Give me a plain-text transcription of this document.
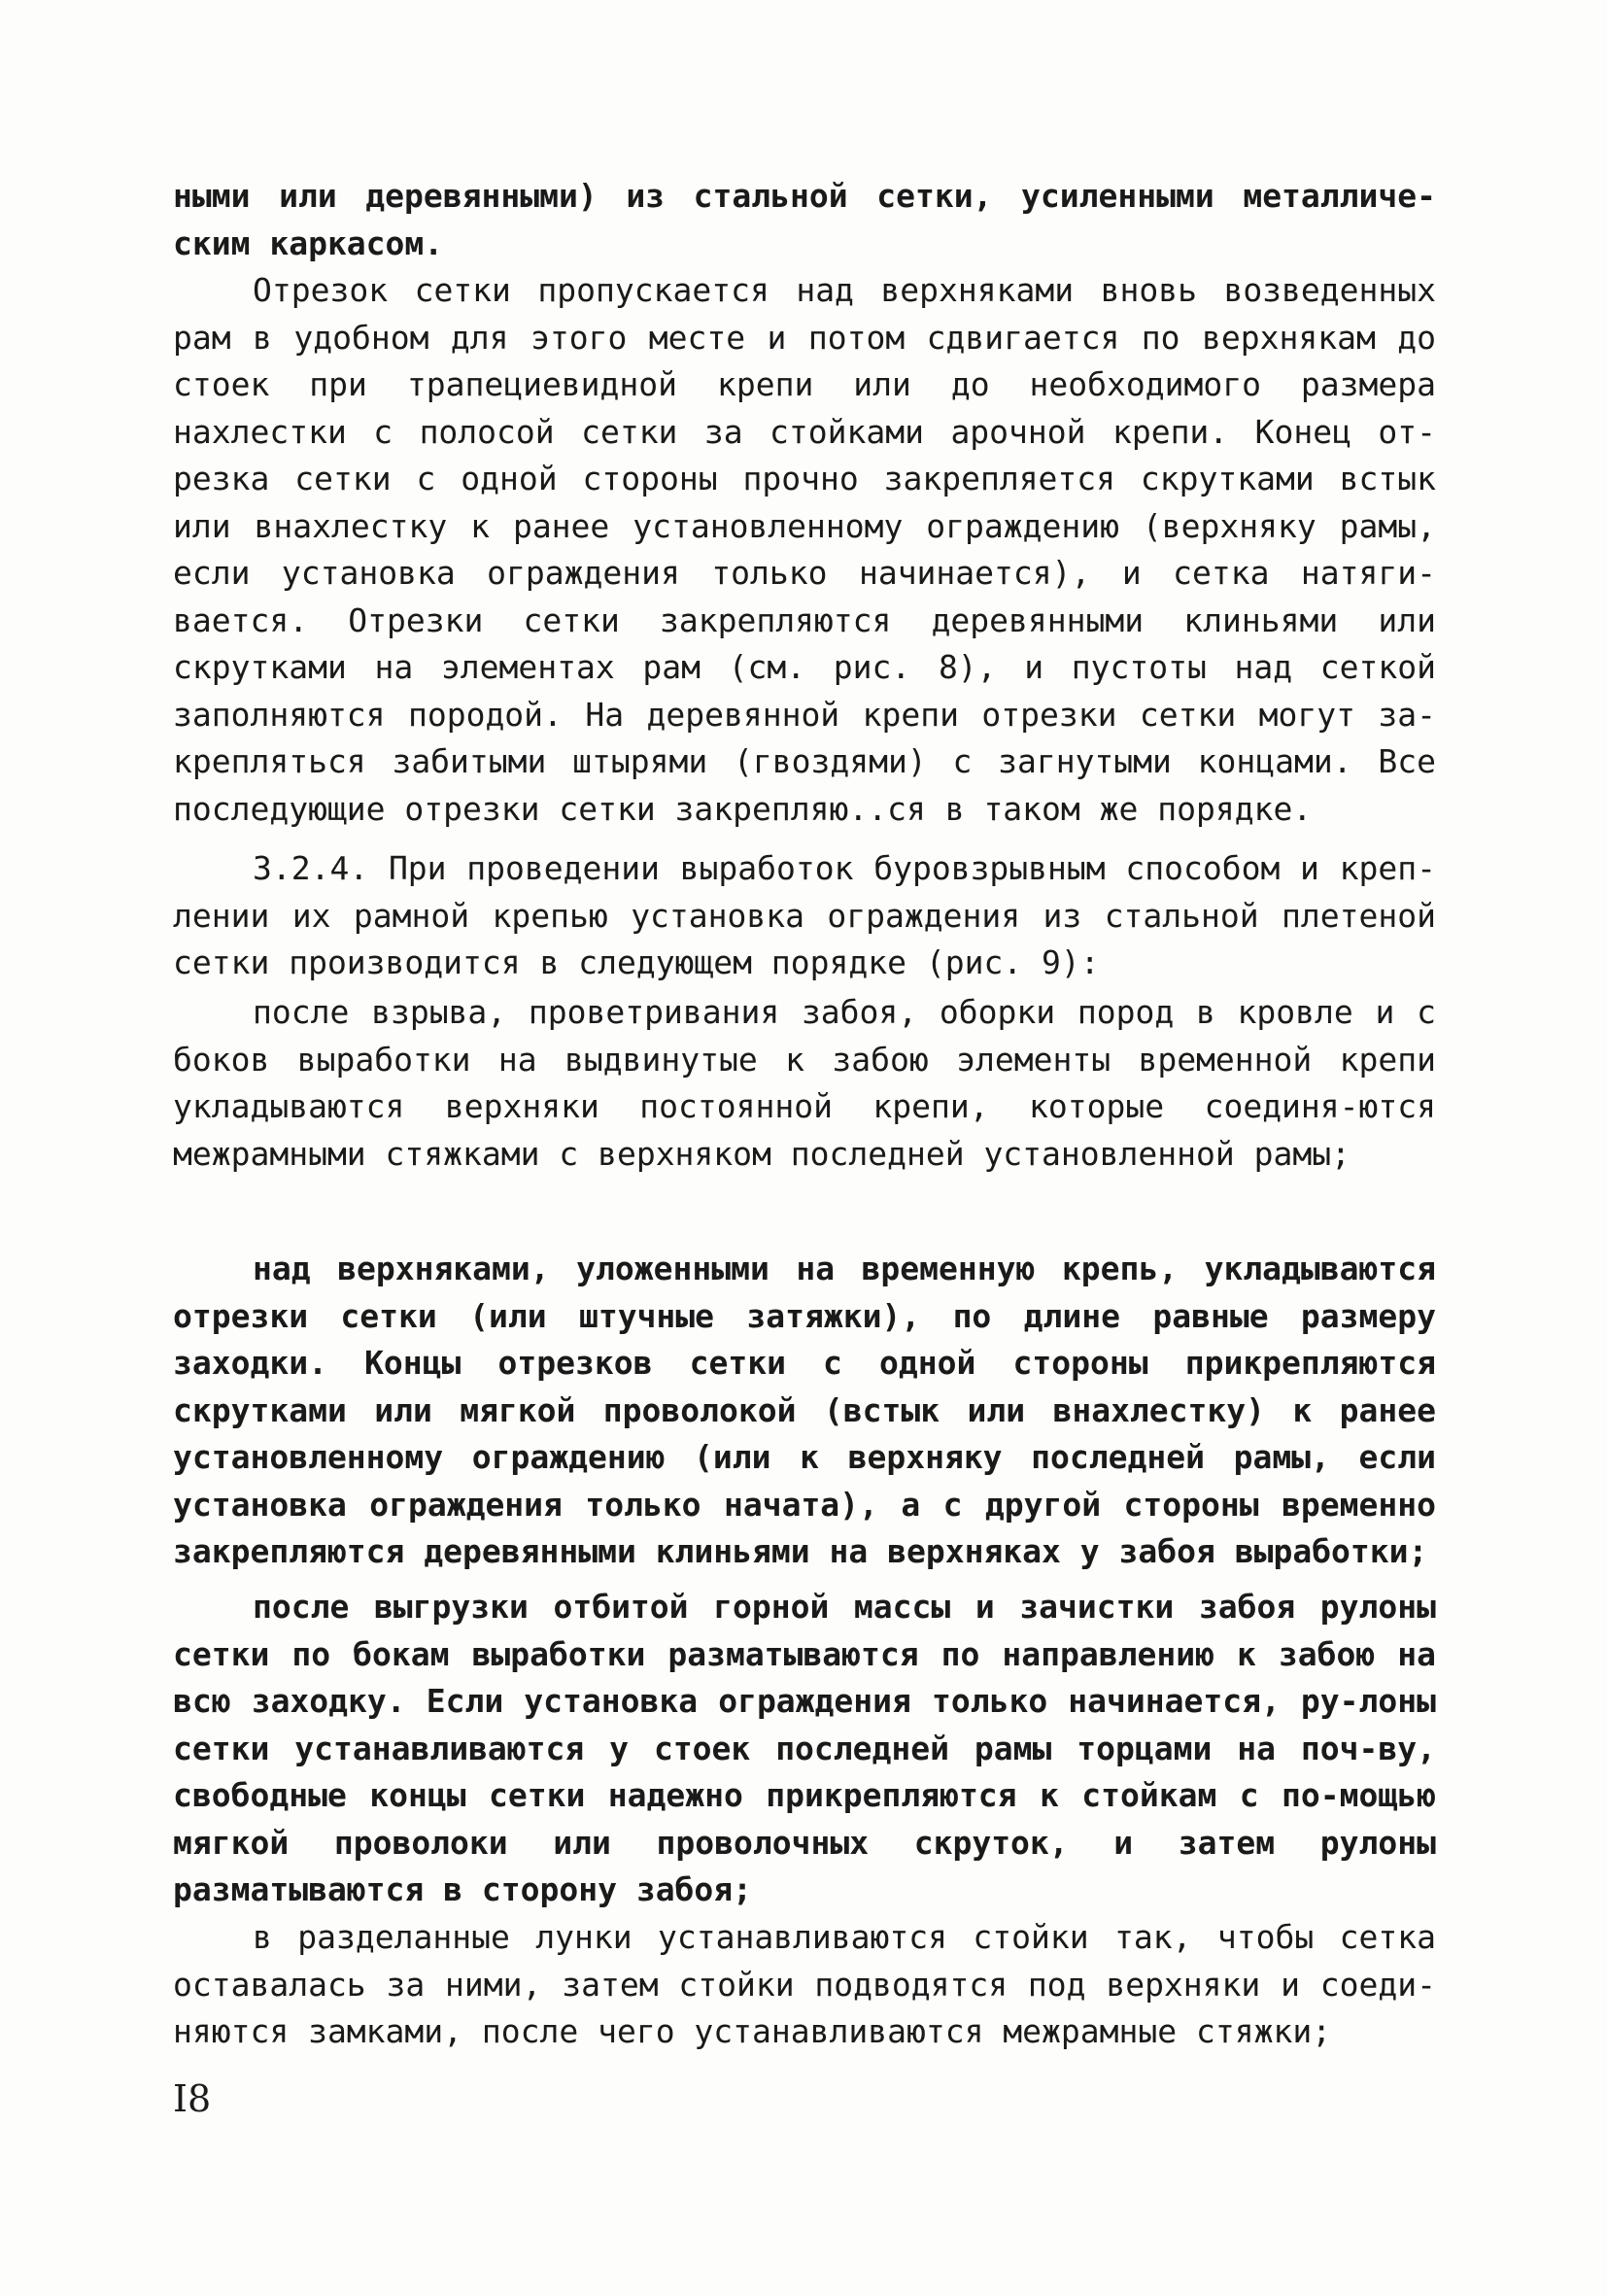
ными или деревянными) из стальной сетки, усиленными металличе-ским каркасом.

Отрезок сетки пропускается над верхняками вновь возведенных рам в удобном для этого месте и потом сдвигается по верхнякам до стоек при трапециевидной крепи или до необходимого размера нахлестки с полосой сетки за стойками арочной крепи. Конец от-резка сетки с одной стороны прочно закрепляется скрутками встык или внахлестку к ранее установленному ограждению (верхняку рамы, если установка ограждения только начинается), и сетка натяги-вается. Отрезки сетки закрепляются деревянными клиньями или скрутками на элементах рам (см. рис. 8), и пустоты над сеткой заполняются породой. На деревянной крепи отрезки сетки могут за-крепляться забитыми штырями (гвоздями) с загнутыми концами. Все последующие отрезки сетки закрепляю..ся в таком же порядке.

3.2.4. При проведении выработок буровзрывным способом и креп-лении их рамной крепью установка ограждения из стальной плетеной сетки производится в следующем порядке (рис. 9):

после взрыва, проветривания забоя, оборки пород в кровле и с боков выработки на выдвинутые к забою элементы временной крепи укладываются верхняки постоянной крепи, которые соединя-ются межрамными стяжками с верхняком последней установленной рамы;

над верхняками, уложенными на временную крепь, укладываются отрезки сетки (или штучные затяжки), по длине равные размеру заходки. Концы отрезков сетки с одной стороны прикрепляются скрутками или мягкой проволокой (встык или внахлестку) к ранее установленному ограждению (или к верхняку последней рамы, если установка ограждения только начата), а с другой стороны временно закрепляются деревянными клиньями на верхняках у забоя выработки;

после выгрузки отбитой горной массы и зачистки забоя рулоны сетки по бокам выработки разматываются по направлению к забою на всю заходку. Если установка ограждения только начинается, ру-лоны сетки устанавливаются у стоек последней рамы торцами на поч-ву, свободные концы сетки надежно прикрепляются к стойкам с по-мощью мягкой проволоки или проволочных скруток, и затем рулоны разматываются в сторону забоя;

в разделанные лунки устанавливаются стойки так, чтобы сетка оставалась за ними, затем стойки подводятся под верхняки и соеди-няются замками, после чего устанавливаются межрамные стяжки;

I8
